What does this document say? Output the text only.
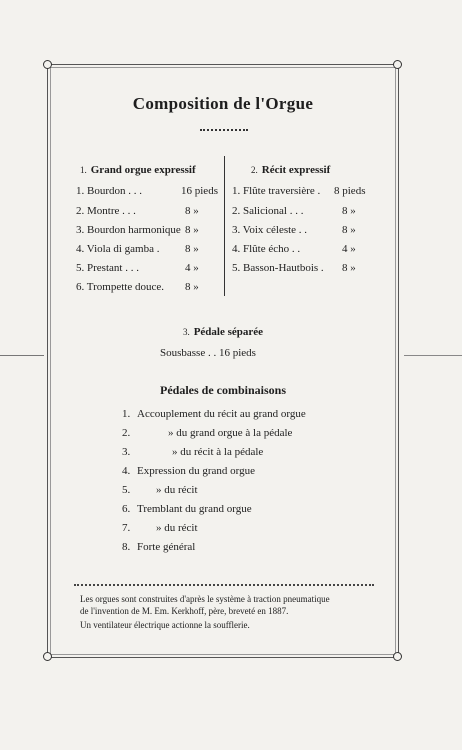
Composition de l'Orgue
1. Grand orgue expressif
1. Bourdon . . .	16 pieds
2. Montre . . .	8 »
3. Bourdon harmonique 8 »
4. Viola di gamba . 8 »
5. Prestant . . .	4 »
6. Trompette douce. 8 »
2. Récit expressif
1. Flûte traversière . 8 pieds
2. Salicional . . .	8 »
3. Voix céleste . .	8 »
4. Flûte écho . .	4 »
5. Basson-Hautbois . 8 »
3. Pédale séparée
Sousbasse . . 16 pieds
Pédales de combinaisons
1. Accouplement du récit au grand orgue
2.	» du grand orgue à la pédale
3.	» du récit à la pédale
4. Expression du grand orgue
5. » du récit
6. Tremblant du grand orgue
7. » du récit
8. Forte général
Les orgues sont construites d'après le système à traction pneumatique
de l'invention de M. Em. Kerkhoff, père, breveté en 1887.
Un ventilateur électrique actionne la soufflerie.
